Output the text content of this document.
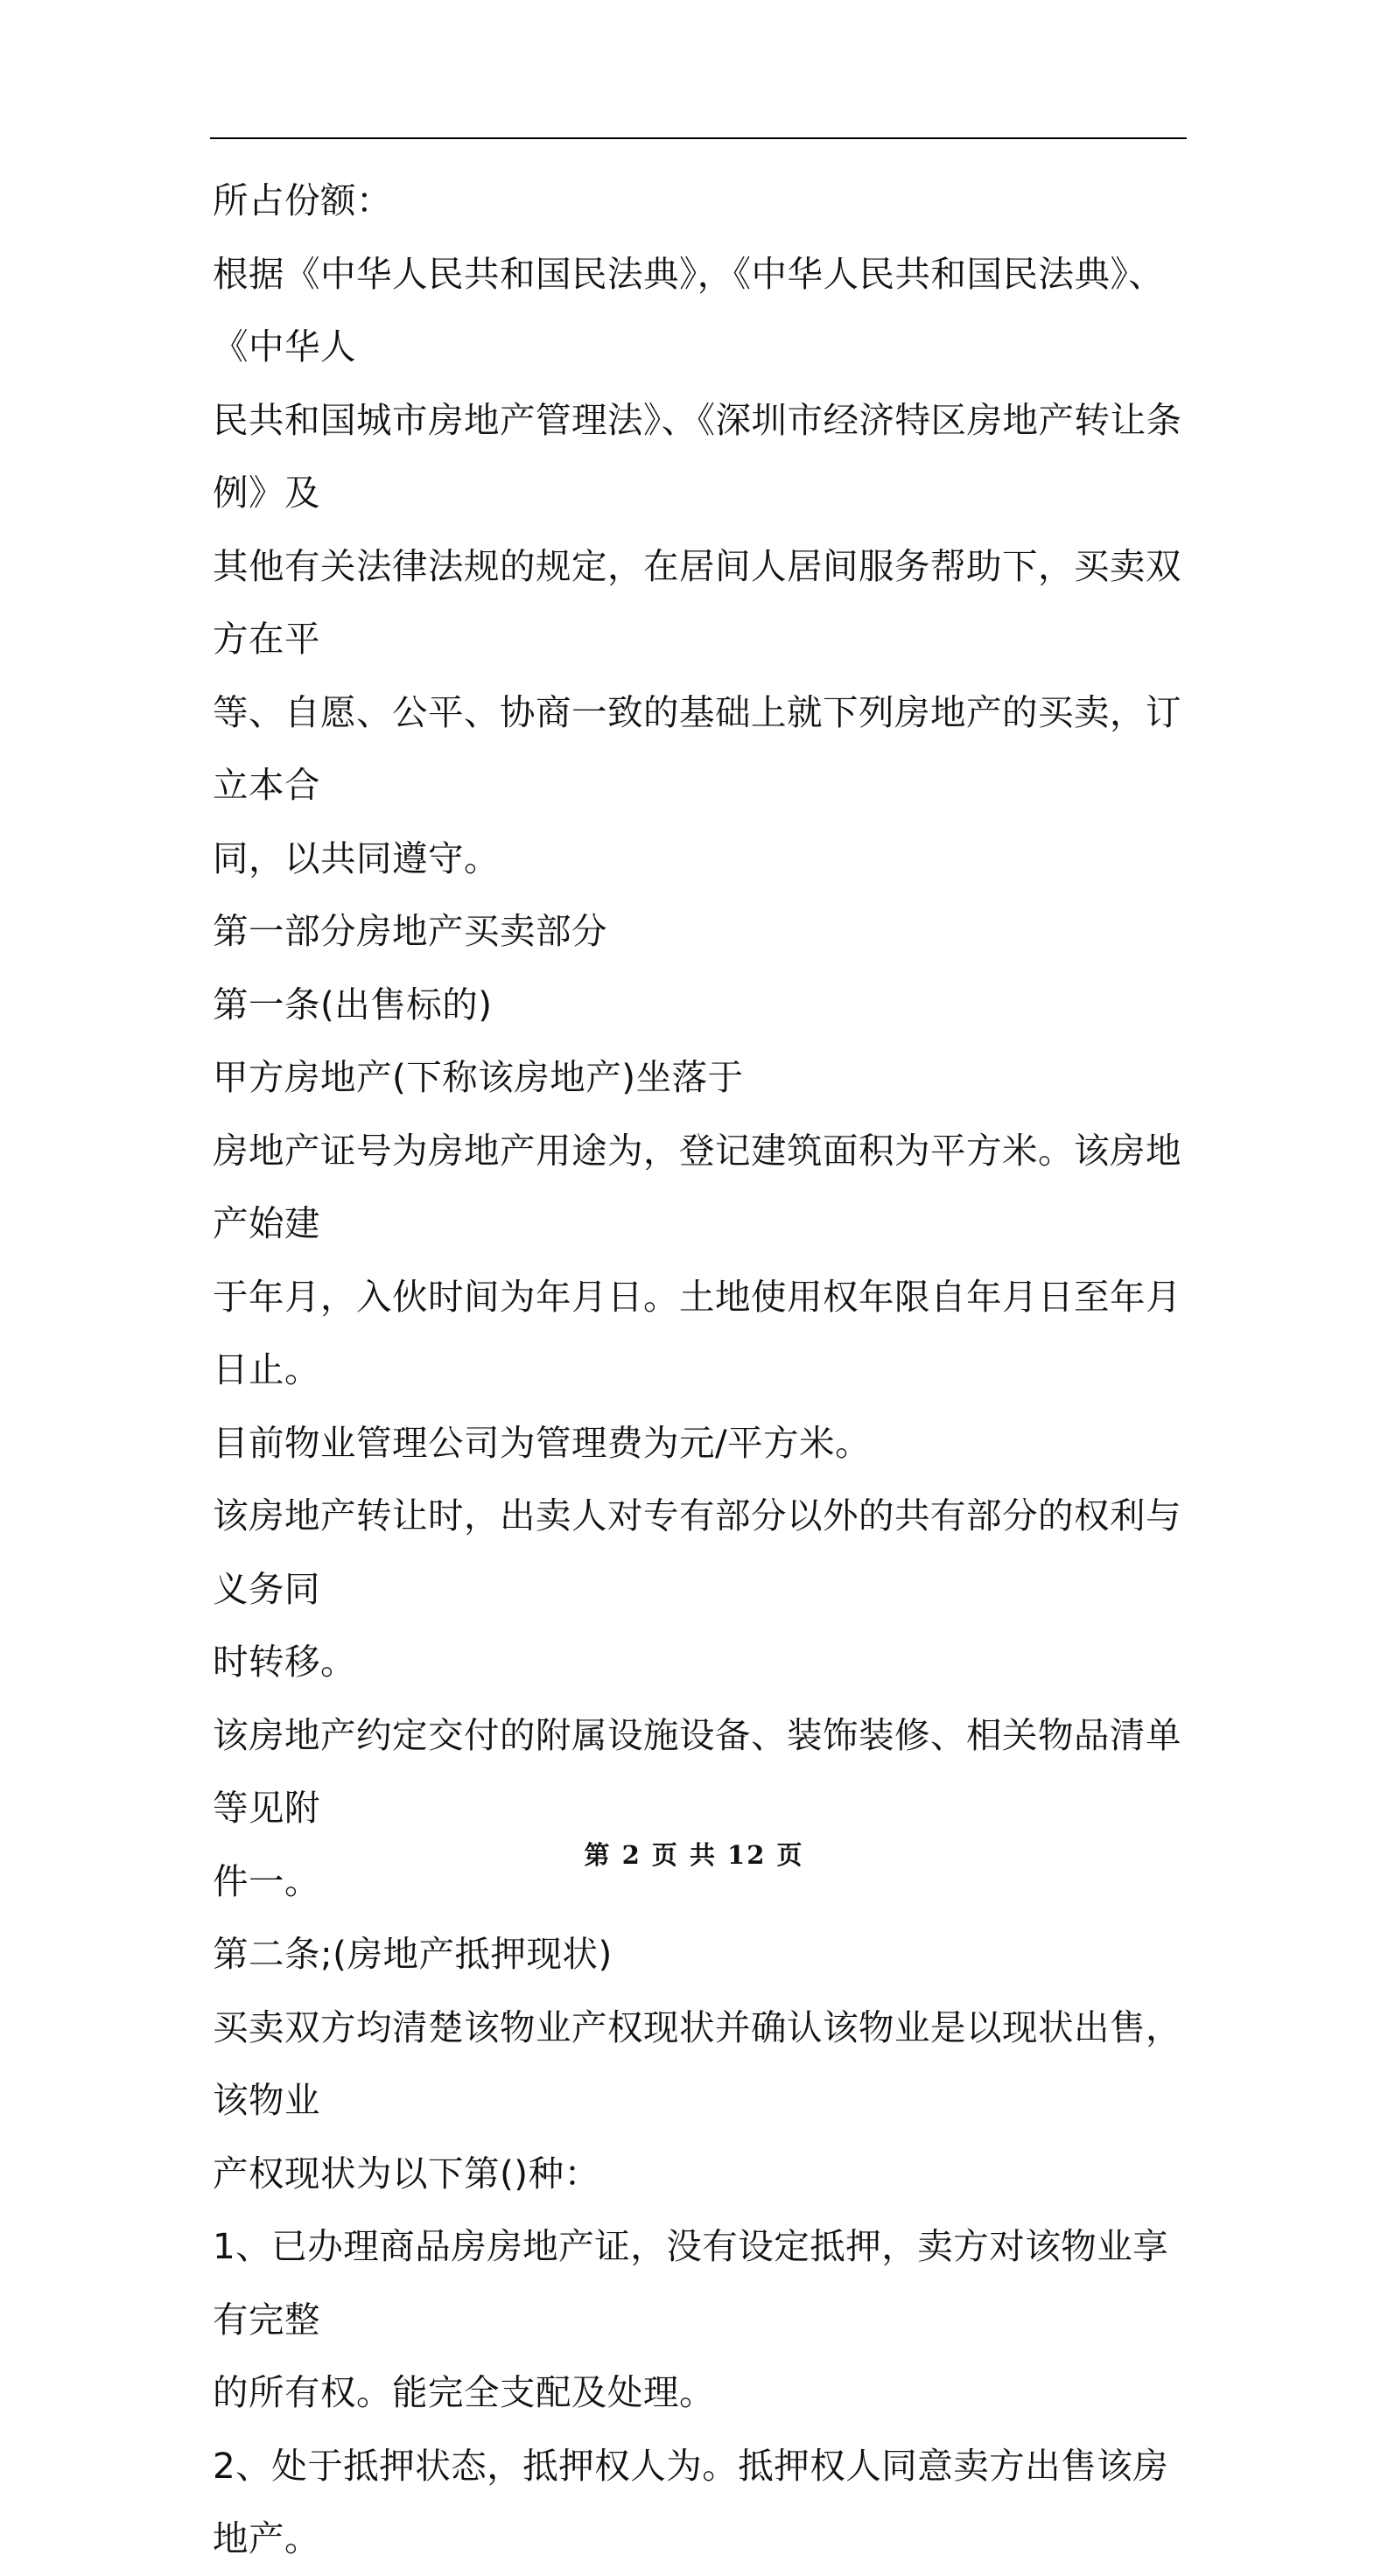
所占份额：

根据《中华人民共和国民法典》，《中华人民共和国民法典》、《中华人

民共和国城市房地产管理法》、《深圳市经济特区房地产转让条例》及

其他有关法律法规的规定，在居间人居间服务帮助下，买卖双方在平

等、自愿、公平、协商一致的基础上就下列房地产的买卖，订立本合

同，以共同遵守。

第一部分房地产买卖部分

第一条(出售标的)

甲方房地产(下称该房地产)坐落于

房地产证号为房地产用途为，登记建筑面积为平方米。该房地产始建

于年月，入伙时间为年月日。土地使用权年限自年月日至年月日止。

目前物业管理公司为管理费为元/平方米。

该房地产转让时，出卖人对专有部分以外的共有部分的权利与义务同

时转移。

该房地产约定交付的附属设施设备、装饰装修、相关物品清单等见附

件一。

第二条;(房地产抵押现状)

买卖双方均清楚该物业产权现状并确认该物业是以现状出售，该物业

产权现状为以下第()种：

1、已办理商品房房地产证，没有设定抵押，卖方对该物业享有完整

的所有权。能完全支配及处理。

2、处于抵押状态，抵押权人为。抵押权人同意卖方出售该房地产。

第 2 页 共 12 页
